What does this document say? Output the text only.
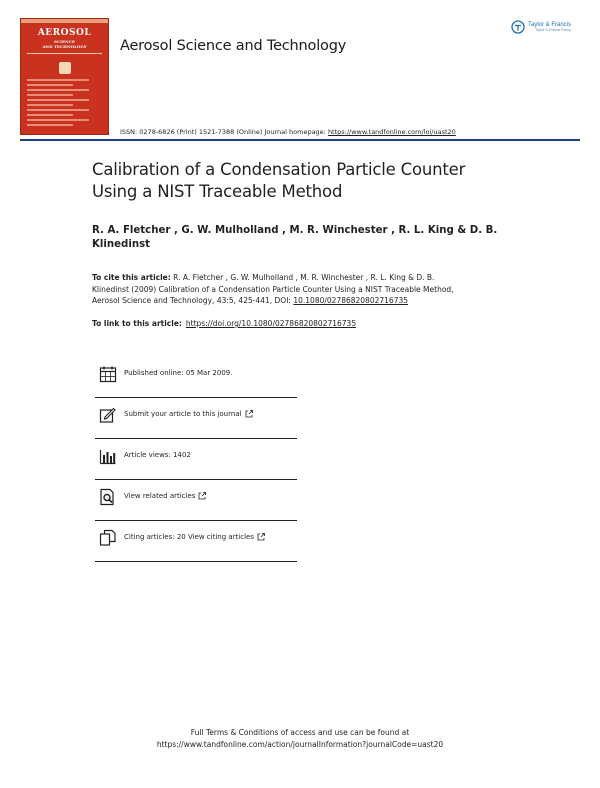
AEROSOL
SCIENCE
AND TECHNOLOGY	Aerosol Science and Technology
Taylor & Francis
Taylor & Francis Group
ISSN: 0278-6826 (Print) 1521-7388 (Online) Journal homepage: https://www.tandfonline.com/loi/uast20
Calibration of a Condensation Particle Counter
Using a NIST Traceable Method
R. A. Fletcher , G. W. Mulholland , M. R. Winchester , R. L. King & D. B.
Klinedinst
To cite this article: R. A. Fletcher , G. W. Mulholland , M. R. Winchester , R. L. King & D. B.
Klinedinst (2009) Calibration of a Condensation Particle Counter Using a NIST Traceable Method,
Aerosol Science and Technology, 43:5, 425-441, DOI: 10.1080/02786820802716735
To link to this article: https://doi.org/10.1080/02786820802716735
Published online: 05 Mar 2009.
Submit your article to this journal
Article views: 1402
View related articles
Citing articles: 20 View citing articles
Full Terms & Conditions of access and use can be found at
https://www.tandfonline.com/action/journalInformation?journalCode=uast20
